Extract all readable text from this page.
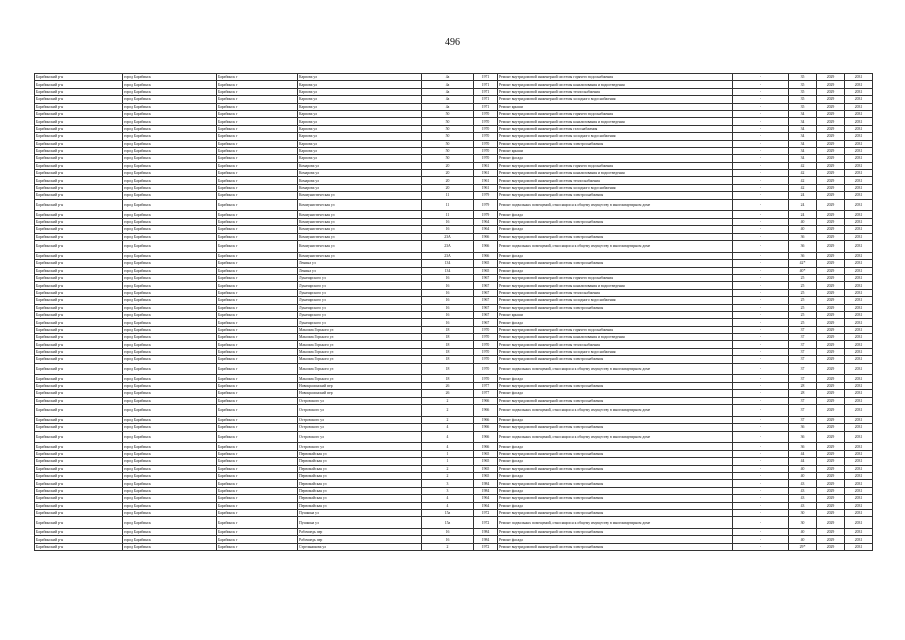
496
Барабинский р-н	город Барабинск	Барабинск г	Карпова ул	4а	1971	Ремонт внутридомовой инженерной системы горячего водоснабжения	-	35	2029	2031
Барабинский р-н	город Барабинск	Барабинск г	Карпова ул	4а	1971	Ремонт внутридомовой инженерной системы канализования и водоотведения	-	35	2029	2031
Барабинский р-н	город Барабинск	Барабинск г	Карпова ул	4а	1971	Ремонт внутридомовой инженерной системы теплоснабжения	-	35	2029	2031
Барабинский р-н	город Барабинск	Барабинск г	Карпова ул	4а	1971	Ремонт внутридомовой инженерной системы холодного водоснабжения	-	35	2029	2031
Барабинский р-н	город Барабинск	Барабинск г	Карпова ул	4а	1971	Ремонт крыши	-	35	2029	2031
Барабинский р-н	город Барабинск	Барабинск г	Карпова ул	50	1970	Ремонт внутридомовой инженерной системы горячего водоснабжения	-	34	2029	2031
Барабинский р-н	город Барабинск	Барабинск г	Карпова ул	50	1970	Ремонт внутридомовой инженерной системы канализования и водоотведения	-	34	2029	2031
Барабинский р-н	город Барабинск	Барабинск г	Карпова ул	50	1970	Ремонт внутридомовой инженерной системы газоснабжения	-	34	2029	2031
Барабинский р-н	город Барабинск	Барабинск г	Карпова ул	50	1970	Ремонт внутридомовой инженерной системы холодного водоснабжения	-	34	2029	2031
Барабинский р-н	город Барабинск	Барабинск г	Карпова ул	50	1970	Ремонт внутридомовой инженерной системы электроснабжения	-	34	2029	2031
Барабинский р-н	город Барабинск	Барабинск г	Карпова ул	50	1970	Ремонт крыши	-	34	2029	2031
Барабинский р-н	город Барабинск	Барабинск г	Карпова ул	50	1970	Ремонт фасада	-	34	2029	2031
Барабинский р-н	город Барабинск	Барабинск г	Комарова ул	20	1961	Ремонт внутридомовой инженерной системы горячего водоснабжения	-	42	2029	2031
Барабинский р-н	город Барабинск	Барабинск г	Комарова ул	20	1961	Ремонт внутридомовой инженерной системы канализования и водоотведения	-	42	2029	2031
Барабинский р-н	город Барабинск	Барабинск г	Комарова ул	20	1961	Ремонт внутридомовой инженерной системы теплоснабжения	-	42	2029	2031
Барабинский р-н	город Барабинск	Барабинск г	Комарова ул	20	1961	Ремонт внутридомовой инженерной системы холодного водоснабжения	-	42	2029	2031
Барабинский р-н	город Барабинск	Барабинск г	Коммунистическая ул	11	1979	Ремонт внутридомовой инженерной системы электроснабжения	-	24	2029	2031
Барабинский р-н	город Барабинск	Барабинск г	Коммунистическая ул	11	1979	Ремонт подвальных помещений, относящихся к общему имуществу в многоквартирном доме	-	24	2029	2031
Барабинский р-н	город Барабинск	Барабинск г	Коммунистическая ул	11	1979	Ремонт фасада	-	24	2029	2031
Барабинский р-н	город Барабинск	Барабинск г	Коммунистическая ул	16	1964	Ремонт внутридомовой инженерной системы электроснабжения	-	40	2029	2031
Барабинский р-н	город Барабинск	Барабинск г	Коммунистическая ул	16	1964	Ремонт фасада	-	40	2029	2031
Барабинский р-н	город Барабинск	Барабинск г	Коммунистическая ул	23А	1966	Ремонт внутридомовой инженерной системы электроснабжения	-	36	2029	2031
Барабинский р-н	город Барабинск	Барабинск г	Коммунистическая ул	23А	1966	Ремонт подвальных помещений, относящихся к общему имуществу в многоквартирном доме	-	36	2029	2031
Барабинский р-н	город Барабинск	Барабинск г	Коммунистическая ул	23А	1966	Ремонт фасада	-	36	2029	2031
Барабинский р-н	город Барабинск	Барабинск г	Ленина ул	134	1965	Ремонт внутридомовой инженерной системы электроснабжения	-	42*	2029	2031
Барабинский р-н	город Барабинск	Барабинск г	Ленина ул	134	1965	Ремонт фасада	-	40*	2029	2031
Барабинский р-н	город Барабинск	Барабинск г	Луначарского ул	16	1967	Ремонт внутридомовой инженерной системы горячего водоснабжения	-	25	2029	2031
Барабинский р-н	город Барабинск	Барабинск г	Луначарского ул	16	1967	Ремонт внутридомовой инженерной системы канализования и водоотведения	-	25	2029	2031
Барабинский р-н	город Барабинск	Барабинск г	Луначарского ул	16	1967	Ремонт внутридомовой инженерной системы теплоснабжения	-	25	2029	2031
Барабинский р-н	город Барабинск	Барабинск г	Луначарского ул	16	1967	Ремонт внутридомовой инженерной системы холодного водоснабжения	-	25	2029	2031
Барабинский р-н	город Барабинск	Барабинск г	Луначарского ул	16	1967	Ремонт внутридомовой инженерной системы электроснабжения	-	25	2029	2031
Барабинский р-н	город Барабинск	Барабинск г	Луначарского ул	16	1967	Ремонт крыши	-	25	2029	2031
Барабинский р-н	город Барабинск	Барабинск г	Луначарского ул	16	1967	Ремонт фасада	-	25	2029	2031
Барабинский р-н	город Барабинск	Барабинск г	Максима Горького ул	18	1970	Ремонт внутридомовой инженерной системы горячего водоснабжения	-	37	2029	2031
Барабинский р-н	город Барабинск	Барабинск г	Максима Горького ул	18	1970	Ремонт внутридомовой инженерной системы канализования и водоотведения	-	37	2029	2031
Барабинский р-н	город Барабинск	Барабинск г	Максима Горького ул	18	1970	Ремонт внутридомовой инженерной системы теплоснабжения	-	37	2029	2031
Барабинский р-н	город Барабинск	Барабинск г	Максима Горького ул	18	1970	Ремонт внутридомовой инженерной системы холодного водоснабжения	-	37	2029	2031
Барабинский р-н	город Барабинск	Барабинск г	Максима Горького ул	18	1970	Ремонт внутридомовой инженерной системы электроснабжения	-	37	2029	2031
Барабинский р-н	город Барабинск	Барабинск г	Максима Горького ул	18	1970	Ремонт подвальных помещений, относящихся к общему имуществу в многоквартирном доме	-	37	2029	2031
Барабинский р-н	город Барабинск	Барабинск г	Максима Горького ул	18	1970	Ремонт фасада	-	37	2029	2031
Барабинский р-н	город Барабинск	Барабинск г	Новокрасинский пер	26	1977	Ремонт внутридомовой инженерной системы электроснабжения	-	28	2029	2031
Барабинский р-н	город Барабинск	Барабинск г	Новокрасинский пер	26	1977	Ремонт фасада	-	28	2029	2031
Барабинский р-н	город Барабинск	Барабинск г	Островского ул	2	1966	Ремонт внутридомовой инженерной системы электроснабжения	-	37	2029	2031
Барабинский р-н	город Барабинск	Барабинск г	Островского ул	2	1966	Ремонт подвальных помещений, относящихся к общему имуществу в многоквартирном доме	-	37	2029	2031
Барабинский р-н	город Барабинск	Барабинск г	Островского ул	2	1966	Ремонт фасада	-	37	2029	2031
Барабинский р-н	город Барабинск	Барабинск г	Островского ул	4	1966	Ремонт внутридомовой инженерной системы электроснабжения	-	36	2029	2031
Барабинский р-н	город Барабинск	Барабинск г	Островского ул	4	1966	Ремонт подвальных помещений, относящихся к общему имуществу в многоквартирном доме	-	36	2029	2031
Барабинский р-н	город Барабинск	Барабинск г	Островского ул	4	1966	Ремонт фасада	-	36	2029	2031
Барабинский р-н	город Барабинск	Барабинск г	Первомайская ул	1	1965	Ремонт внутридомовой инженерной системы электроснабжения	-	44	2029	2031
Барабинский р-н	город Барабинск	Барабинск г	Первомайская ул	1	1965	Ремонт фасада	-	44	2029	2031
Барабинский р-н	город Барабинск	Барабинск г	Первомайская ул	2	1965	Ремонт внутридомовой инженерной системы электроснабжения	-	40	2029	2031
Барабинский р-н	город Барабинск	Барабинск г	Первомайская ул	2	1965	Ремонт фасада	-	40	2029	2031
Барабинский р-н	город Барабинск	Барабинск г	Первомайская ул	3	1984	Ремонт внутридомовой инженерной системы электроснабжения	-	43	2029	2031
Барабинский р-н	город Барабинск	Барабинск г	Первомайская ул	3	1984	Ремонт фасада	-	43	2029	2031
Барабинский р-н	город Барабинск	Барабинск г	Первомайская ул	4	1964	Ремонт внутридомовой инженерной системы электроснабжения	-	43	2029	2031
Барабинский р-н	город Барабинск	Барабинск г	Первомайская ул	4	1964	Ремонт фасада	-	43	2029	2031
Барабинский р-н	город Барабинск	Барабинск г	Пушкина ул	15а	1972	Ремонт внутридомовой инженерной системы электроснабжения	-	30	2029	2031
Барабинский р-н	город Барабинск	Барабинск г	Пушкина ул	15а	1972	Ремонт подвальных помещений, относящихся к общему имуществу в многоквартирном доме	-	30	2029	2031
Барабинский р-н	город Барабинск	Барабинск г	Рабочиедь пер	16	1984	Ремонт внутридомовой инженерной системы электроснабжения	-	40	2029	2031
Барабинский р-н	город Барабинск	Барабинск г	Рабочиедь пер	16	1984	Ремонт фасада	-	40	2029	2031
Барабинский р-н	город Барабинск	Барабинск г	Стрельникова ул	2	1972	Ремонт внутридомовой инженерной системы электроснабжения	-	29*	2029	2031
